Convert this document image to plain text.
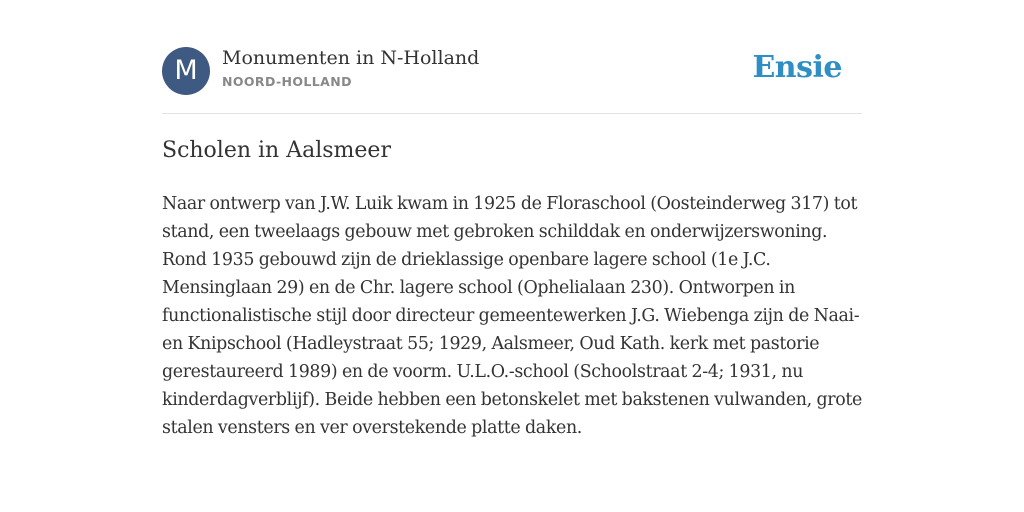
M	Monumenten in N-Holland
NOORD-HOLLAND	Ensie
Scholen in Aalsmeer

Naar ontwerp van J.W. Luik kwam in 1925 de Floraschool (Oosteinderweg 317) tot stand, een tweelaags gebouw met gebroken schilddak en onderwijzerswoning. Rond 1935 gebouwd zijn de drieklassige openbare lagere school (1e J.C. Mensinglaan 29) en de Chr. lagere school (Ophelialaan 230). Ontworpen in functionalistische stijl door directeur gemeentewerken J.G. Wiebenga zijn de Naai- en Knipschool (Hadleystraat 55; 1929, Aalsmeer, Oud Kath. kerk met pastorie gerestaureerd 1989) en de voorm. U.L.O.-school (Schoolstraat 2-4; 1931, nu kinderdagverblijf). Beide hebben een betonskelet met bakstenen vulwanden, grote stalen vensters en ver overstekende platte daken.
